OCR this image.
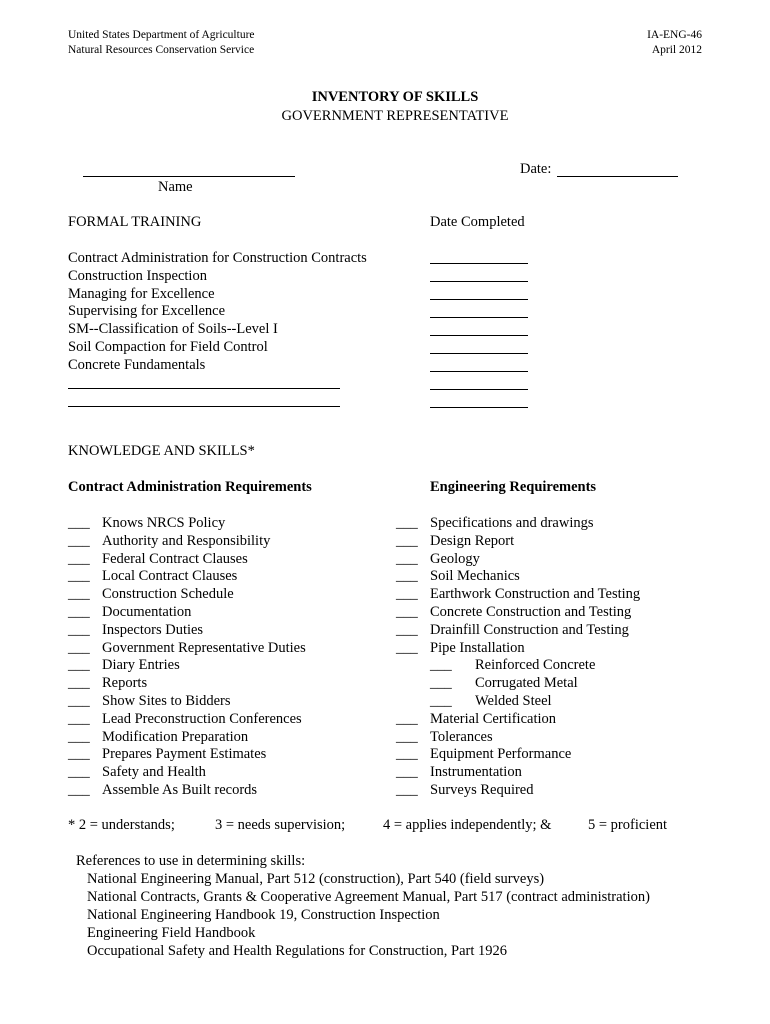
United States Department of Agriculture
Natural Resources Conservation Service
IA-ENG-46
April 2012
INVENTORY OF SKILLS
GOVERNMENT REPRESENTATIVE
Name
Date:
FORMAL TRAINING	Date Completed
Contract Administration for Construction Contracts
Construction Inspection
Managing for Excellence
Supervising for Excellence
SM--Classification of Soils--Level I
Soil Compaction for Field Control
Concrete Fundamentals
KNOWLEDGE AND SKILLS*
Contract Administration Requirements	Engineering Requirements
* 2 = understands;	3 = needs supervision;	4 = applies independently; &	5 = proficient
References to use in determining skills:
National Engineering Manual, Part 512 (construction), Part 540 (field surveys)
National Contracts, Grants & Cooperative Agreement Manual, Part 517 (contract administration)
National Engineering Handbook 19, Construction Inspection
Engineering Field Handbook
Occupational Safety and Health Regulations for Construction, Part 1926
___ Knows NRCS Policy
___ Authority and Responsibility
___ Federal Contract Clauses
___ Local Contract Clauses
___ Construction Schedule
___ Documentation
___ Inspectors Duties
___ Government Representative Duties
___ Diary Entries
___ Reports
___ Show Sites to Bidders
___ Lead Preconstruction Conferences
___ Modification Preparation
___ Prepares Payment Estimates
___ Safety and Health
___ Assemble As Built records
___ Specifications and drawings
___ Design Report
___ Geology
___ Soil Mechanics
___ Earthwork Construction and Testing
___ Concrete Construction and Testing
___ Drainfill Construction and Testing
___ Pipe Installation
___ Reinforced Concrete
___ Corrugated Metal
___ Welded Steel
___ Material Certification
___ Tolerances
___ Equipment Performance
___ Instrumentation
___ Surveys Required
